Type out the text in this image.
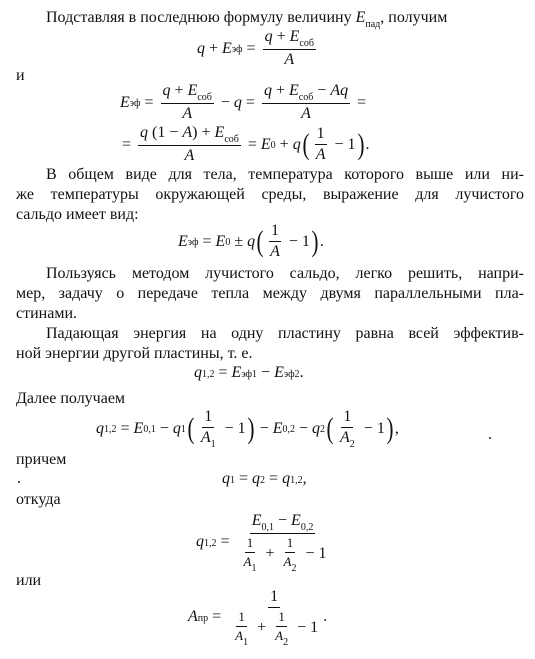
Подставляя в последнюю формулу величину $E_{пад}$, получим
$q + E_{эф} = \frac{q + E_{соб}}{A}$
и
$E_{эф} = \frac{q + E_{соб}}{A} - q = \frac{q + E_{соб} - Aq}{A}$ =
= $\frac{q (1 - A) + E_{соб}}{A} = E_0 + q$ ( $\frac{1}{A} - 1$ ) .
В общем виде для тела, температура которого выше или ни-
же температуры окружающей среды, выражение для лучистого
сальдо имеет вид:
$E_{эф} = E_0 \pm q$ ( $\frac{1}{A} - 1$ ) .
Пользуясь методом лучистого сальдо, легко решить, напри-
мер, задачу о передаче тепла между двумя параллельными пла-
стинами.
Падающая энергия на одну пластину равна всей эффектив-
ной энергии другой пластины, т. е.
$q_{1,2} = E_{эф1} - E_{эф2}$ .
Далее получаем
$q_{1,2} = E_{0,1} - q_1$ ( $\frac{1}{A_1} - 1$ ) − $E_{0,2} - q_2$ ( $\frac{1}{A_2} - 1$ ) ,
причем
$q_1 = q_2 = q_{1,2}$ ,
откуда
$q_{1,2} = \frac{E_{0,1} - E_{0,2}}{\frac{1}{A_1} + \frac{1}{A_2} - 1}$
или
$A_{пр} = \frac{1}{\frac{1}{A_1} + \frac{1}{A_2} - 1}$ .
